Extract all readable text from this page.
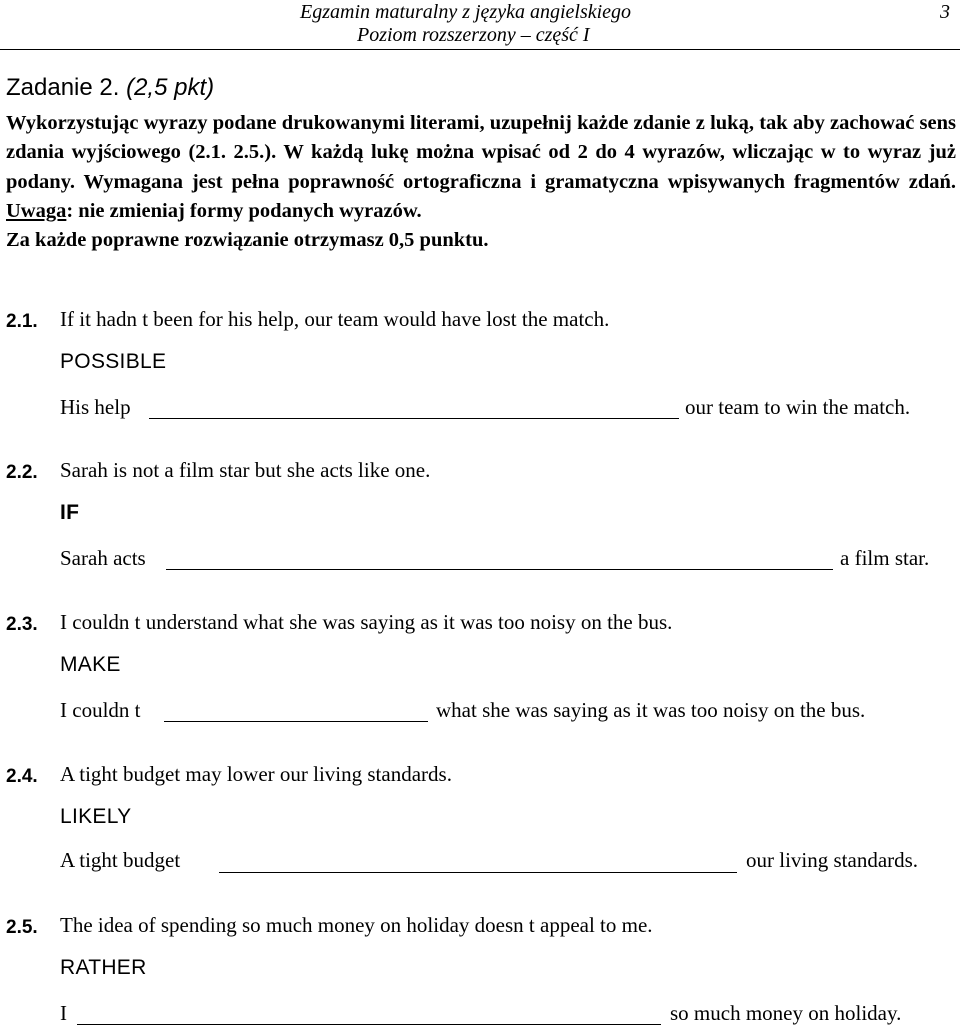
Egzamin maturalny z języka angielskiego
Poziom rozszerzony – część I
3
Zadanie 2. (2,5 pkt)
Wykorzystując wyrazy podane drukowanymi literami, uzupełnij każde zdanie z luką, tak aby zachować sens zdania wyjściowego (2.1. 2.5.). W każdą lukę można wpisać od 2 do 4 wyrazów, wliczając w to wyraz już podany. Wymagana jest pełna poprawność ortograficzna i gramatyczna wpisywanych fragmentów zdań. Uwaga: nie zmieniaj formy podanych wyrazów.
Za każde poprawne rozwiązanie otrzymasz 0,5 punktu.
2.1. If it hadn t been for his help, our team would have lost the match.
POSSIBLE
His help	our team to win the match.
2.2. Sarah is not a film star but she acts like one.
IF
Sarah acts	a film star.
2.3. I couldn t understand what she was saying as it was too noisy on the bus.
MAKE
I couldn t	what she was saying as it was too noisy on the bus.
2.4. A tight budget may lower our living standards.
LIKELY
A tight budget	our living standards.
2.5. The idea of spending so much money on holiday doesn t appeal to me.
RATHER
I	so much money on holiday.
